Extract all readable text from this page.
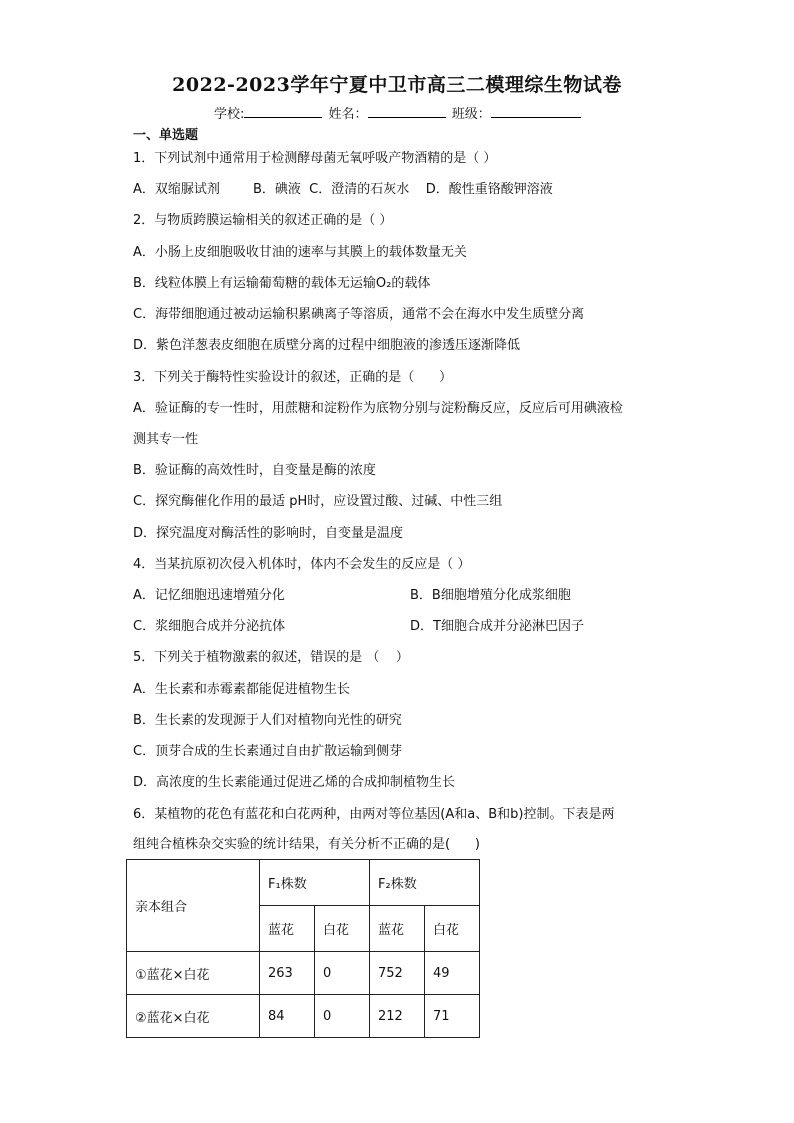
2022-2023学年宁夏中卫市高三二模理综生物试卷
学校:	姓名：	班级：
一、单选题
1．下列试剂中通常用于检测酵母菌无氧呼吸产物酒精的是（ ）
A．双缩脲试剂        B．碘液  C．澄清的石灰水    D．酸性重铬酸钾溶液
2．与物质跨膜运输相关的叙述正确的是（ ）
A．小肠上皮细胞吸收甘油的速率与其膜上的载体数量无关
B．线粒体膜上有运输葡萄糖的载体无运输O₂的载体
C．海带细胞通过被动运输积累碘离子等溶质，通常不会在海水中发生质壁分离
D．紫色洋葱表皮细胞在质壁分离的过程中细胞液的渗透压逐渐降低
3．下列关于酶特性实验设计的叙述，正确的是（      ）
A．验证酶的专一性时，用蔗糖和淀粉作为底物分别与淀粉酶反应，反应后可用碘液检
测其专一性
B．验证酶的高效性时，自变量是酶的浓度
C．探究酶催化作用的最适 pH时，应设置过酸、过碱、中性三组
D．探究温度对酶活性的影响时，自变量是温度
4．当某抗原初次侵入机体时，体内不会发生的反应是（ ）
A．记忆细胞迅速增殖分化	B．B细胞增殖分化成浆细胞
C．浆细胞合成并分泌抗体	D．T细胞合成并分泌淋巴因子
5．下列关于植物激素的叙述，错误的是 （    ）
A．生长素和赤霉素都能促进植物生长
B．生长素的发现源于人们对植物向光性的研究
C．顶芽合成的生长素通过自由扩散运输到侧芽
D．高浓度的生长素能通过促进乙烯的合成抑制植物生长
6．某植物的花色有蓝花和白花两种，由两对等位基因(A和a、B和b)控制。下表是两
组纯合植株杂交实验的统计结果，有关分析不正确的是(      )
亲本组合	F₁株数		F₂株数	
	蓝花	白花	蓝花	白花
①蓝花×白花	263	0	752	49
②蓝花×白花	84	0	212	71
